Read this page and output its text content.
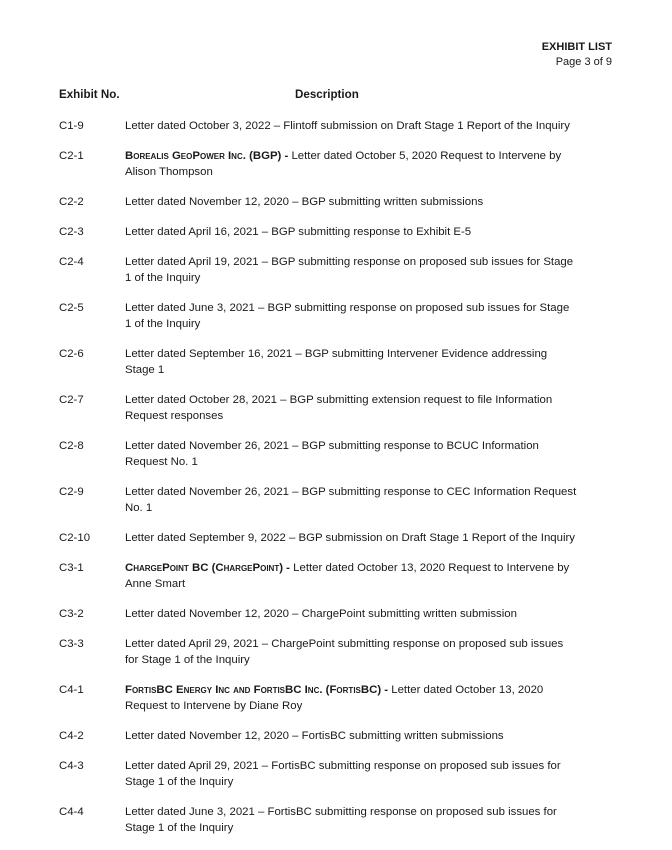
EXHIBIT LIST
Page 3 of 9
Exhibit No.	Description
C1-9	Letter dated October 3, 2022 – Flintoff submission on Draft Stage 1 Report of the Inquiry
C2-1	Borealis GeoPower Inc. (BGP) - Letter dated October 5, 2020 Request to Intervene by Alison Thompson
C2-2	Letter dated November 12, 2020 – BGP submitting written submissions
C2-3	Letter dated April 16, 2021 – BGP submitting response to Exhibit E-5
C2-4	Letter dated April 19, 2021 – BGP submitting response on proposed sub issues for Stage 1 of the Inquiry
C2-5	Letter dated June 3, 2021 – BGP submitting response on proposed sub issues for Stage 1 of the Inquiry
C2-6	Letter dated September 16, 2021 – BGP submitting Intervener Evidence addressing Stage 1
C2-7	Letter dated October 28, 2021 – BGP submitting extension request to file Information Request responses
C2-8	Letter dated November 26, 2021 – BGP submitting response to BCUC Information Request No. 1
C2-9	Letter dated November 26, 2021 – BGP submitting response to CEC Information Request No. 1
C2-10	Letter dated September 9, 2022 – BGP submission on Draft Stage 1 Report of the Inquiry
C3-1	ChargePoint BC (ChargePoint) - Letter dated October 13, 2020 Request to Intervene by Anne Smart
C3-2	Letter dated November 12, 2020 – ChargePoint submitting written submission
C3-3	Letter dated April 29, 2021 – ChargePoint submitting response on proposed sub issues for Stage 1 of the Inquiry
C4-1	FortisBC Energy Inc and FortisBC Inc. (FortisBC) - Letter dated October 13, 2020 Request to Intervene by Diane Roy
C4-2	Letter dated November 12, 2020 – FortisBC submitting written submissions
C4-3	Letter dated April 29, 2021 – FortisBC submitting response on proposed sub issues for Stage 1 of the Inquiry
C4-4	Letter dated June 3, 2021 – FortisBC submitting response on proposed sub issues for Stage 1 of the Inquiry
